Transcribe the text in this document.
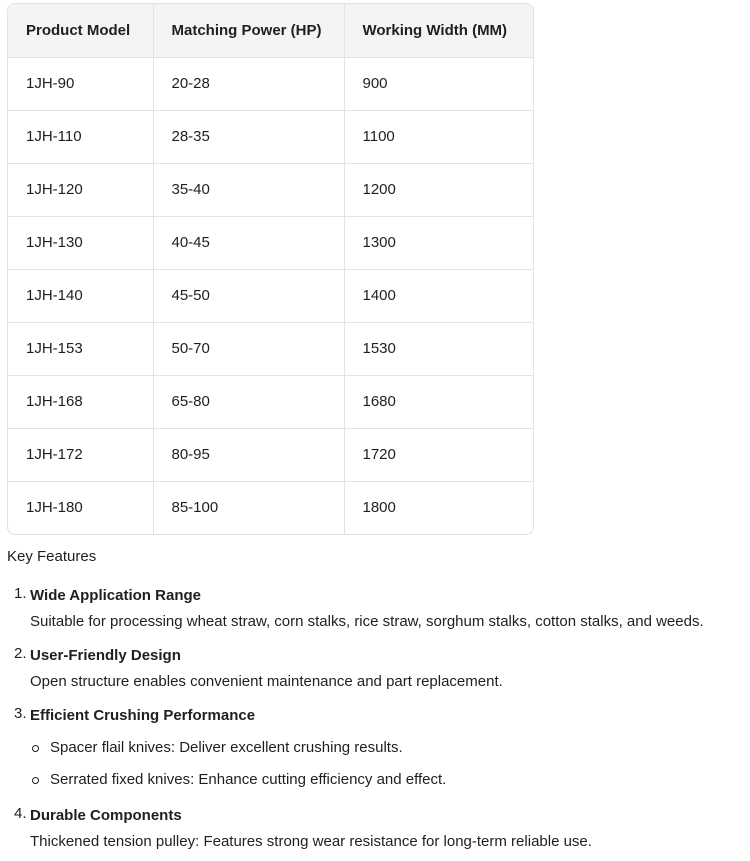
Product Model	Matching Power (HP)	Working Width (MM)
1JH-90	20-28	900
1JH-110	28-35	1100
1JH-120	35-40	1200
1JH-130	40-45	1300
1JH-140	45-50	1400
1JH-153	50-70	1530
1JH-168	65-80	1680
1JH-172	80-95	1720
1JH-180	85-100	1800
Key Features
1. Wide Application Range
Suitable for processing wheat straw, corn stalks, rice straw, sorghum stalks, cotton stalks, and weeds.
2. User-Friendly Design
Open structure enables convenient maintenance and part replacement.
3. Efficient Crushing Performance
Spacer flail knives: Deliver excellent crushing results.
Serrated fixed knives: Enhance cutting efficiency and effect.
4. Durable Components
Thickened tension pulley: Features strong wear resistance for long-term reliable use.
